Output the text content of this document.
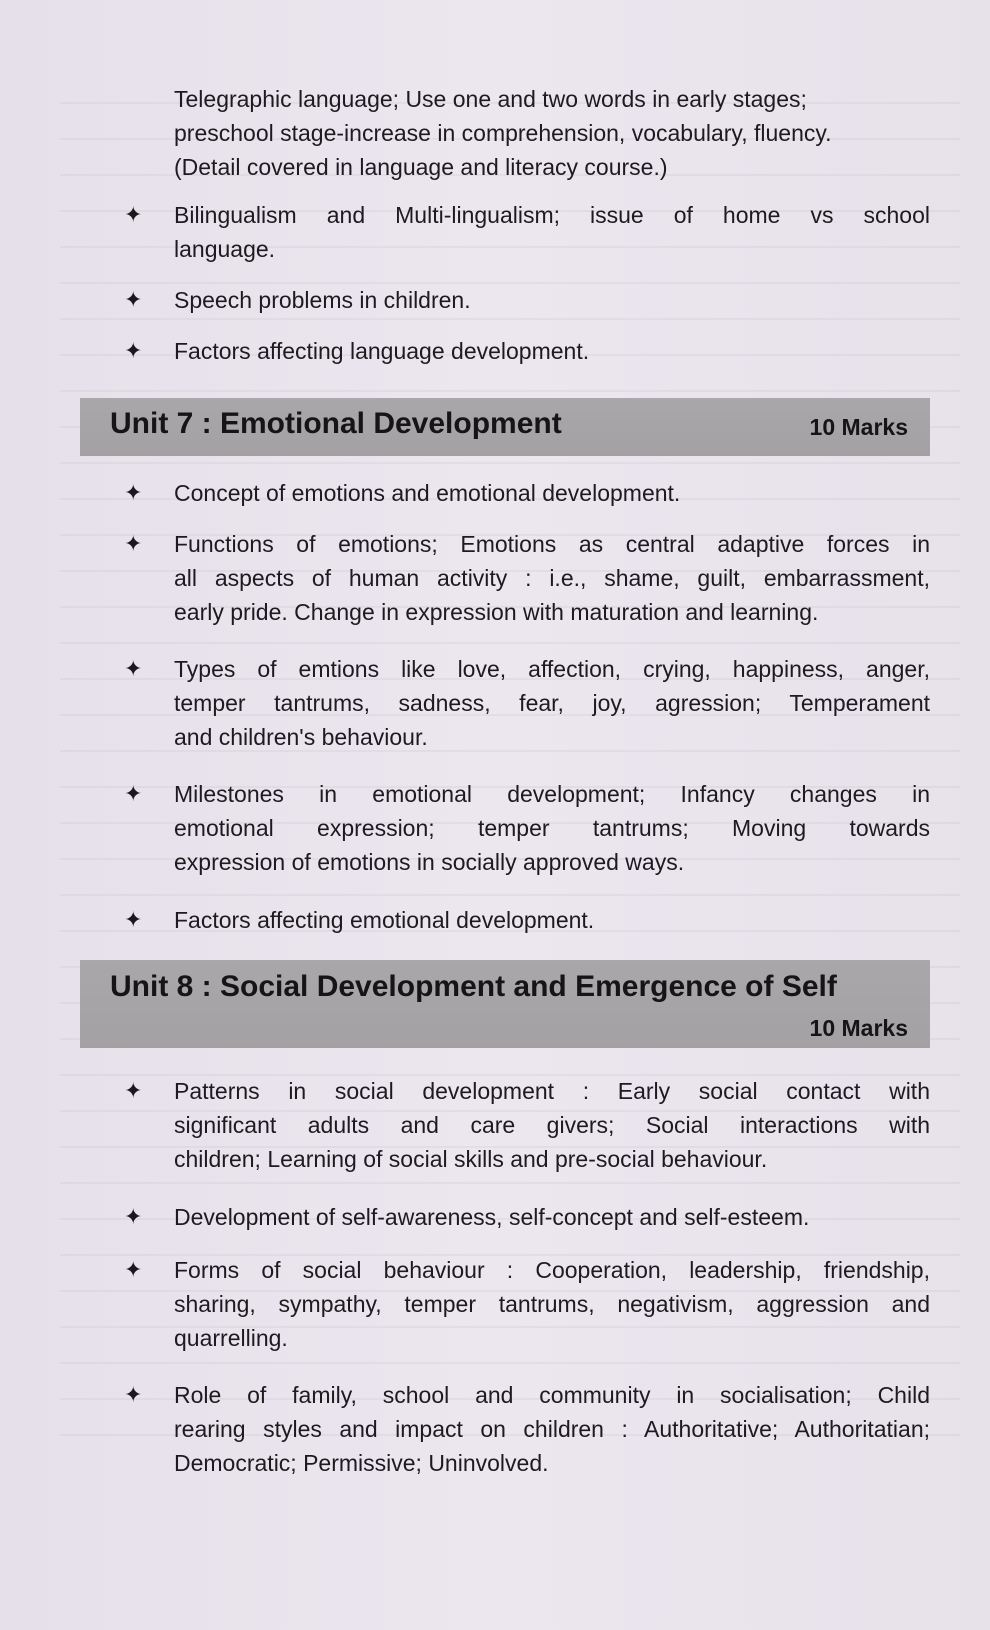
Telegraphic language; Use one and two words in early stages;
preschool stage-increase in comprehension, vocabulary, fluency.
(Detail covered in language and literacy course.)
✦ Bilingualism and Multi-lingualism; issue of home vs school
language.
✦ Speech problems in children.
✦ Factors affecting language development.
Unit 7 : Emotional Development	10 Marks
✦ Concept of emotions and emotional development.
✦ Functions of emotions; Emotions as central adaptive forces in
all aspects of human activity : i.e., shame, guilt, embarrassment,
early pride. Change in expression with maturation and learning.
✦ Types of emtions like love, affection, crying, happiness, anger,
temper tantrums, sadness, fear, joy, agression; Temperament
and children's behaviour.
✦ Milestones in emotional development; Infancy changes in
emotional expression; temper tantrums; Moving towards
expression of emotions in socially approved ways.
✦ Factors affecting emotional development.
Unit 8 : Social Development and Emergence of Self
10 Marks
✦ Patterns in social development : Early social contact with
significant adults and care givers; Social interactions with
children; Learning of social skills and pre-social behaviour.
✦ Development of self-awareness, self-concept and self-esteem.
✦ Forms of social behaviour : Cooperation, leadership, friendship,
sharing, sympathy, temper tantrums, negativism, aggression and
quarrelling.
✦ Role of family, school and community in socialisation; Child
rearing styles and impact on children : Authoritative; Authoritatian;
Democratic; Permissive; Uninvolved.
